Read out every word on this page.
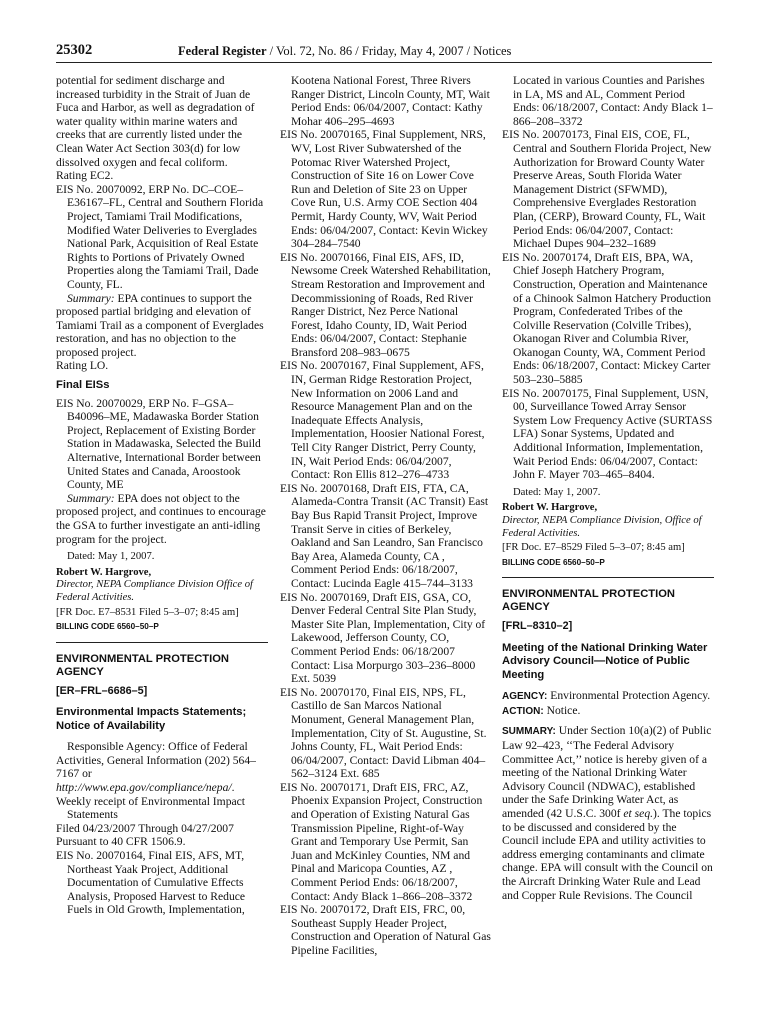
25302	Federal Register / Vol. 72, No. 86 / Friday, May 4, 2007 / Notices

potential for sediment discharge and increased turbidity in the Strait of Juan de Fuca and Harbor, as well as degradation of water quality within marine waters and creeks that are currently listed under the Clean Water Act Section 303(d) for low dissolved oxygen and fecal coliform.

Rating EC2.

EIS No. 20070092, ERP No. DC–COE–E36167–FL, Central and Southern Florida Project, Tamiami Trail Modifications, Modified Water Deliveries to Everglades National Park, Acquisition of Real Estate Rights to Portions of Privately Owned Properties along the Tamiami Trail, Dade County, FL.

Summary: EPA continues to support the proposed partial bridging and elevation of Tamiami Trail as a component of Everglades restoration, and has no objection to the proposed project.

Rating LO.

Final EISs

EIS No. 20070029, ERP No. F–GSA–B40096–ME, Madawaska Border Station Project, Replacement of Existing Border Station in Madawaska, Selected the Build Alternative, International Border between United States and Canada, Aroostook County, ME

Summary: EPA does not object to the proposed project, and continues to encourage the GSA to further investigate an anti-idling program for the project.

Dated: May 1, 2007.

Robert W. Hargrove,

Director, NEPA Compliance Division Office of Federal Activities.

[FR Doc. E7–8531 Filed 5–3–07; 8:45 am]

BILLING CODE 6560–50–P

ENVIRONMENTAL PROTECTION AGENCY

[ER–FRL–6686–5]

Environmental Impacts Statements; Notice of Availability

Responsible Agency: Office of Federal Activities, General Information (202) 564–7167 or http://www.epa.gov/compliance/nepa/.

Weekly receipt of Environmental Impact Statements

Filed 04/23/2007 Through 04/27/2007

Pursuant to 40 CFR 1506.9.

EIS No. 20070164, Final EIS, AFS, MT, Northeast Yaak Project, Additional Documentation of Cumulative Effects Analysis, Proposed Harvest to Reduce Fuels in Old Growth, Implementation,

Kootena National Forest, Three Rivers Ranger District, Lincoln County, MT, Wait Period Ends: 06/04/2007, Contact: Kathy Mohar 406–295–4693

EIS No. 20070165, Final Supplement, NRS, WV, Lost River Subwatershed of the Potomac River Watershed Project, Construction of Site 16 on Lower Cove Run and Deletion of Site 23 on Upper Cove Run, U.S. Army COE Section 404 Permit, Hardy County, WV, Wait Period Ends: 06/04/2007, Contact: Kevin Wickey 304–284–7540

EIS No. 20070166, Final EIS, AFS, ID, Newsome Creek Watershed Rehabilitation, Stream Restoration and Improvement and Decommissioning of Roads, Red River Ranger District, Nez Perce National Forest, Idaho County, ID, Wait Period Ends: 06/04/2007, Contact: Stephanie Bransford 208–983–0675

EIS No. 20070167, Final Supplement, AFS, IN, German Ridge Restoration Project, New Information on 2006 Land and Resource Management Plan and on the Inadequate Effects Analysis, Implementation, Hoosier National Forest, Tell City Ranger District, Perry County, IN, Wait Period Ends: 06/04/2007, Contact: Ron Ellis 812–276–4733

EIS No. 20070168, Draft EIS, FTA, CA, Alameda-Contra Transit (AC Transit) East Bay Bus Rapid Transit Project, Improve Transit Serve in cities of Berkeley, Oakland and San Leandro, San Francisco Bay Area, Alameda County, CA , Comment Period Ends: 06/18/2007, Contact: Lucinda Eagle 415–744–3133

EIS No. 20070169, Draft EIS, GSA, CO, Denver Federal Central Site Plan Study, Master Site Plan, Implementation, City of Lakewood, Jefferson County, CO, Comment Period Ends: 06/18/2007 Contact: Lisa Morpurgo 303–236–8000 Ext. 5039

EIS No. 20070170, Final EIS, NPS, FL, Castillo de San Marcos National Monument, General Management Plan, Implementation, City of St. Augustine, St. Johns County, FL, Wait Period Ends: 06/04/2007, Contact: David Libman 404–562–3124 Ext. 685

EIS No. 20070171, Draft EIS, FRC, AZ, Phoenix Expansion Project, Construction and Operation of Existing Natural Gas Transmission Pipeline, Right-of-Way Grant and Temporary Use Permit, San Juan and McKinley Counties, NM and Pinal and Maricopa Counties, AZ , Comment Period Ends: 06/18/2007, Contact: Andy Black 1–866–208–3372

EIS No. 20070172, Draft EIS, FRC, 00, Southeast Supply Header Project, Construction and Operation of Natural Gas Pipeline Facilities,

Located in various Counties and Parishes in LA, MS and AL, Comment Period Ends: 06/18/2007, Contact: Andy Black 1–866–208–3372

EIS No. 20070173, Final EIS, COE, FL, Central and Southern Florida Project, New Authorization for Broward County Water Preserve Areas, South Florida Water Management District (SFWMD), Comprehensive Everglades Restoration Plan, (CERP), Broward County, FL, Wait Period Ends: 06/04/2007, Contact: Michael Dupes 904–232–1689

EIS No. 20070174, Draft EIS, BPA, WA, Chief Joseph Hatchery Program, Construction, Operation and Maintenance of a Chinook Salmon Hatchery Production Program, Confederated Tribes of the Colville Reservation (Colville Tribes), Okanogan River and Columbia River, Okanogan County, WA, Comment Period Ends: 06/18/2007, Contact: Mickey Carter 503–230–5885

EIS No. 20070175, Final Supplement, USN, 00, Surveillance Towed Array Sensor System Low Frequency Active (SURTASS LFA) Sonar Systems, Updated and Additional Information, Implementation, Wait Period Ends: 06/04/2007, Contact: John F. Mayer 703–465–8404.

Dated: May 1, 2007.

Robert W. Hargrove,

Director, NEPA Compliance Division, Office of Federal Activities.

[FR Doc. E7–8529 Filed 5–3–07; 8:45 am]

BILLING CODE 6560–50–P

ENVIRONMENTAL PROTECTION AGENCY

[FRL–8310–2]

Meeting of the National Drinking Water Advisory Council—Notice of Public Meeting

AGENCY: Environmental Protection Agency.

ACTION: Notice.

SUMMARY: Under Section 10(a)(2) of Public Law 92–423, ‘‘The Federal Advisory Committee Act,’’ notice is hereby given of a meeting of the National Drinking Water Advisory Council (NDWAC), established under the Safe Drinking Water Act, as amended (42 U.S.C. 300f et seq.). The topics to be discussed and considered by the Council include EPA and utility activities to address emerging contaminants and climate change. EPA will consult with the Council on the Aircraft Drinking Water Rule and Lead and Copper Rule Revisions. The Council
